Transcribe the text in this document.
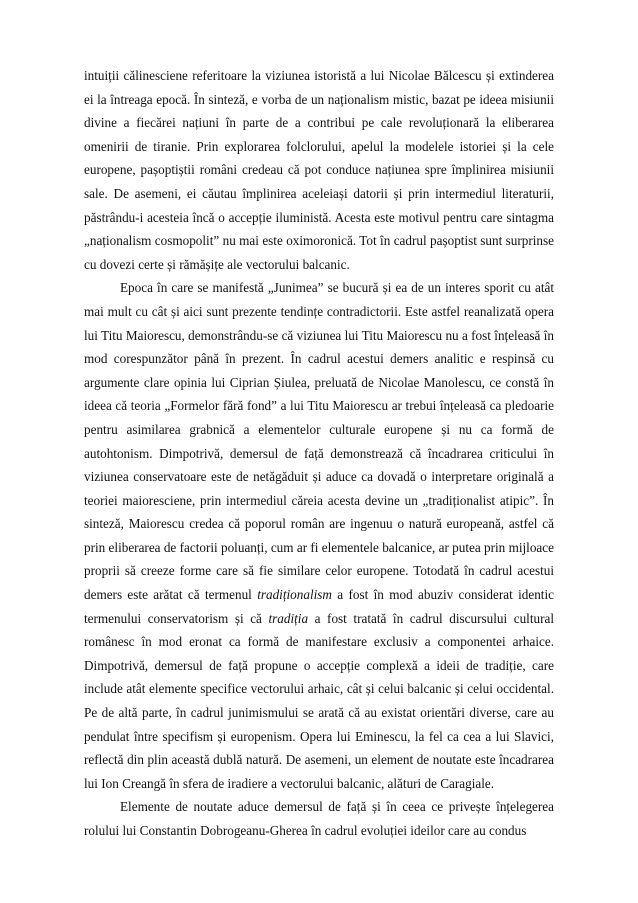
intuiții călinesciene referitoare la viziunea istoristă a lui Nicolae Bălcescu și extinderea ei la întreaga epocă. În sinteză, e vorba de un naționalism mistic, bazat pe ideea misiunii divine a fiecărei națiuni în parte de a contribui pe cale revoluționară la eliberarea omenirii de tiranie. Prin explorarea folclorului, apelul la modelele istoriei și la cele europene, pașoptiștii români credeau că pot conduce națiunea spre împlinirea misiunii sale. De asemeni, ei căutau împlinirea aceleiași datorii și prin intermediul literaturii, păstrându-i acesteia încă o accepție iluministă. Acesta este motivul pentru care sintagma „naționalism cosmopolit” nu mai este oximoronică. Tot în cadrul pașoptist sunt surprinse cu dovezi certe și rămășițe ale vectorului balcanic.

Epoca în care se manifestă „Junimea” se bucură și ea de un interes sporit cu atât mai mult cu cât și aici sunt prezente tendințe contradictorii. Este astfel reanalizată opera lui Titu Maiorescu, demonstrându-se că viziunea lui Titu Maiorescu nu a fost înțeleasă în mod corespunzător până în prezent. În cadrul acestui demers analitic e respinsă cu argumente clare opinia lui Ciprian Șiulea, preluată de Nicolae Manolescu, ce constă în ideea că teoria „Formelor fără fond” a lui Titu Maiorescu ar trebui înțeleasă ca pledoarie pentru asimilarea grabnică a elementelor culturale europene și nu ca formă de autohtonism. Dimpotrivă, demersul de față demonstrează că încadrarea criticului în viziunea conservatoare este de netăgăduit și aduce ca dovadă o interpretare originală a teoriei maioresciene, prin intermediul căreia acesta devine un „tradiționalist atipic”. În sinteză, Maiorescu credea că poporul român are ingenuu o natură europeană, astfel că prin eliberarea de factorii poluanți, cum ar fi elementele balcanice, ar putea prin mijloace proprii să creeze forme care să fie similare celor europene. Totodată în cadrul acestui demers este arătat că termenul tradiționalism a fost în mod abuziv considerat identic termenului conservatorism și că tradiția a fost tratată în cadrul discursului cultural românesc în mod eronat ca formă de manifestare exclusiv a componentei arhaice. Dimpotrivă, demersul de față propune o accepție complexă a ideii de tradiție, care include atât elemente specifice vectorului arhaic, cât și celui balcanic și celui occidental. Pe de altă parte, în cadrul junimismului se arată că au existat orientări diverse, care au pendulat între specifism și europenism. Opera lui Eminescu, la fel ca cea a lui Slavici, reflectă din plin această dublă natură. De asemeni, un element de noutate este încadrarea lui Ion Creangă în sfera de iradiere a vectorului balcanic, alături de Caragiale.

Elemente de noutate aduce demersul de față și în ceea ce privește înțelegerea rolului lui Constantin Dobrogeanu-Gherea în cadrul evoluției ideilor care au condus
